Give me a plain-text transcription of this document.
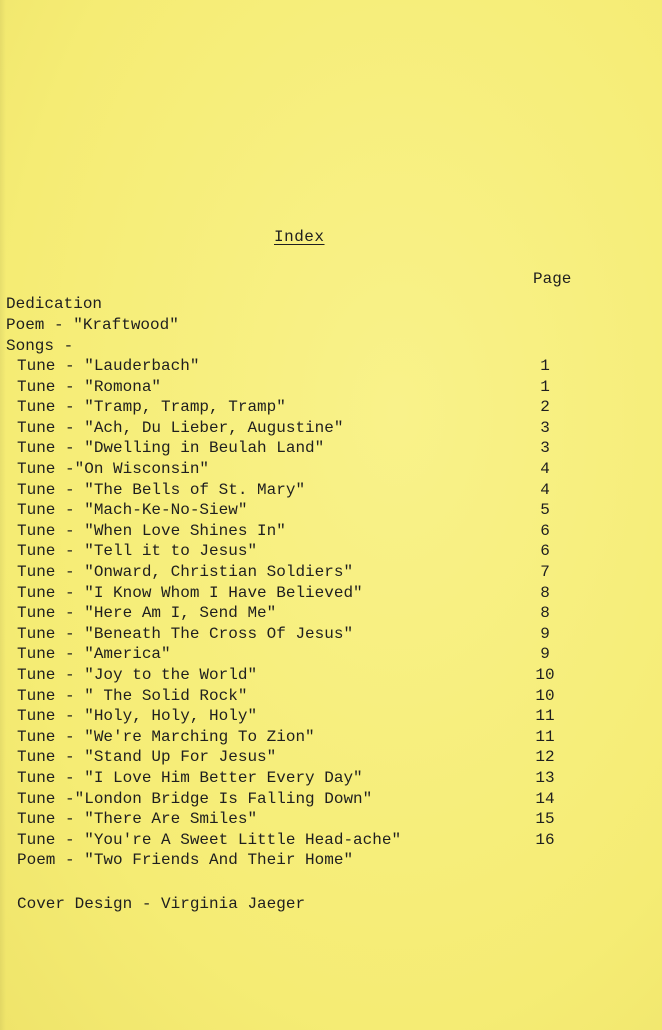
Index
Page
Dedication
Poem - "Kraftwood"
Songs -
Tune - "Lauderbach"	1
Tune - "Romona"	1
Tune - "Tramp, Tramp, Tramp"	2
Tune - "Ach, Du Lieber, Augustine"	3
Tune - "Dwelling in Beulah Land"	3
Tune -"On Wisconsin"	4
Tune - "The Bells of St. Mary"	4
Tune - "Mach-Ke-No-Siew"	5
Tune - "When Love Shines In"	6
Tune - "Tell it to Jesus"	6
Tune - "Onward, Christian Soldiers"	7
Tune - "I Know Whom I Have Believed"	8
Tune - "Here Am I, Send Me"	8
Tune - "Beneath The Cross Of Jesus"	9
Tune - "America"	9
Tune - "Joy to the World"	10
Tune - " The Solid Rock"	10
Tune - "Holy, Holy, Holy"	11
Tune - "We're Marching To Zion"	11
Tune - "Stand Up For Jesus"	12
Tune - "I Love Him Better Every Day"	13
Tune -"London Bridge Is Falling Down"	14
Tune - "There Are Smiles"	15
Tune - "You're A Sweet Little Head-ache"	16
Poem - "Two Friends And Their Home"
Cover Design - Virginia Jaeger
